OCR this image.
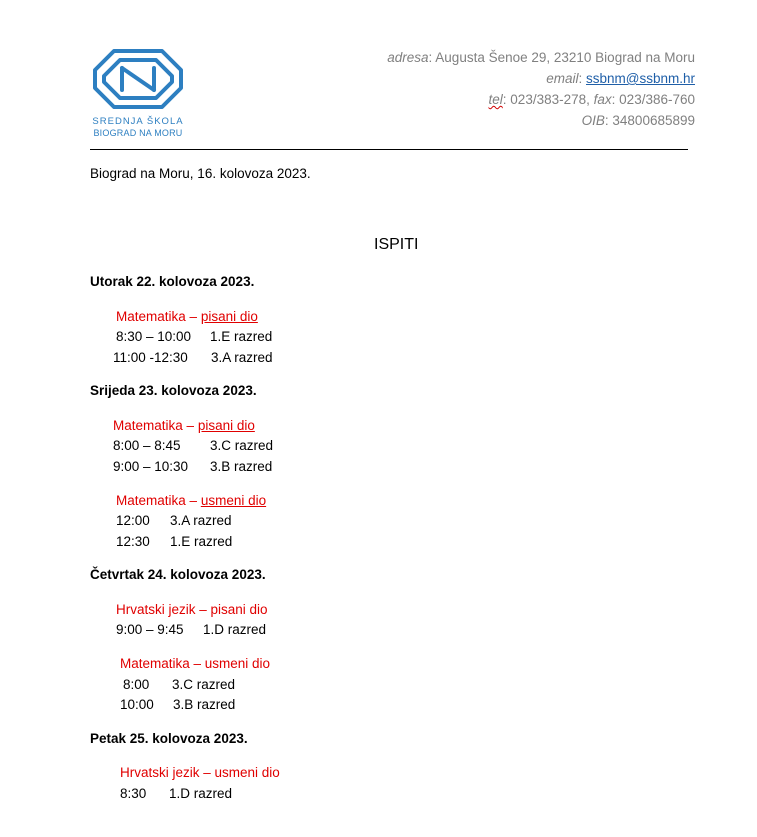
SREDNJA ŠKOLA
BIOGRAD NA MORU
adresa: Augusta Šenoe 29, 23210 Biograd na Moru
email: ssbnm@ssbnm.hr
tel: 023/383-278, fax: 023/386-760
OIB: 34800685899
Biograd na Moru, 16. kolovoza 2023.
ISPITI
Utorak 22. kolovoza 2023.
Matematika – pisani dio
8:30 – 10:00 1.E razred
11:00 -12:30 3.A razred
Srijeda 23. kolovoza 2023.
Matematika – pisani dio
8:00 – 8:45 3.C razred
9:00 – 10:30 3.B razred
Matematika – usmeni dio
12:00 3.A razred
12:30 1.E razred
Četvrtak 24. kolovoza 2023.
Hrvatski jezik – pisani dio
9:00 – 9:45 1.D razred
Matematika – usmeni dio
8:00 3.C razred
10:00 3.B razred
Petak 25. kolovoza 2023.
Hrvatski jezik – usmeni dio
8:30 1.D razred
